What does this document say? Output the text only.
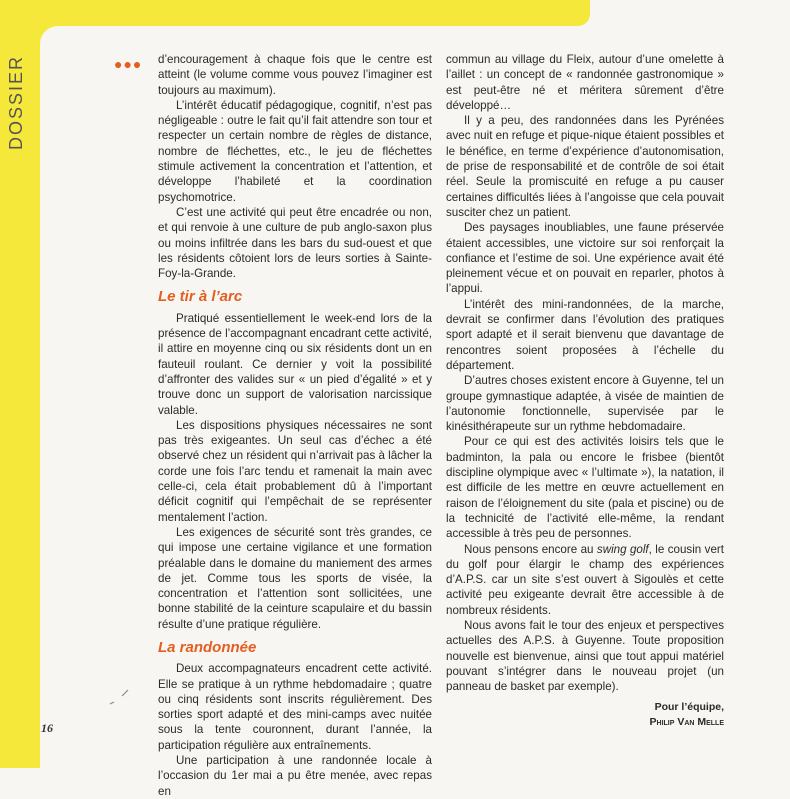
DOSSIER
16
●●● d’encouragement à chaque fois que le centre est atteint (le volume comme vous pouvez l’imaginer est toujours au maximum).

L’intérêt éducatif pédagogique, cognitif, n’est pas négligeable : outre le fait qu’il fait attendre son tour et respecter un certain nombre de règles de distance, nombre de fléchettes, etc., le jeu de fléchettes stimule activement la concentration et l’attention, et développe l’habileté et la coordination psychomotrice.

C’est une activité qui peut être encadrée ou non, et qui renvoie à une culture de pub anglo-saxon plus ou moins infiltrée dans les bars du sud-ouest et que les résidents côtoient lors de leurs sorties à Sainte-Foy-la-Grande.

Le tir à l’arc

Pratiqué essentiellement le week-end lors de la présence de l’accompagnant encadrant cette activité, il attire en moyenne cinq ou six résidents dont un en fauteuil roulant. Ce dernier y voit la possibilité d’affronter des valides sur « un pied d’égalité » et y trouve donc un support de valorisation narcissique valable.

Les dispositions physiques nécessaires ne sont pas très exigeantes. Un seul cas d’échec a été observé chez un résident qui n’arrivait pas à lâcher la corde une fois l’arc tendu et ramenait la main avec celle-ci, cela était probablement dû à l’important déficit cognitif qui l’empêchait de se représenter mentalement l’action.

Les exigences de sécurité sont très grandes, ce qui impose une certaine vigilance et une formation préalable dans le domaine du maniement des armes de jet. Comme tous les sports de visée, la concentration et l’attention sont sollicitées, une bonne stabilité de la ceinture scapulaire et du bassin résulte d’une pratique régulière.

La randonnée

Deux accompagnateurs encadrent cette activité. Elle se pratique à un rythme hebdomadaire ; quatre ou cinq résidents sont inscrits régulièrement. Des sorties sport adapté et des mini-camps avec nuitée sous la tente couronnent, durant l’année, la participation régulière aux entraînements.

Une participation à une randonnée locale à l’occasion du 1er mai a pu être menée, avec repas en

commun au village du Fleix, autour d’une omelette à l’aillet : un concept de « randonnée gastronomique » est peut-être né et méritera sûrement d’être développé…

Il y a peu, des randonnées dans les Pyrénées avec nuit en refuge et pique-nique étaient possibles et le bénéfice, en terme d’expérience d’autonomisation, de prise de responsabilité et de contrôle de soi était réel. Seule la promiscuité en refuge a pu causer certaines difficultés liées à l’angoisse que cela pouvait susciter chez un patient.

Des paysages inoubliables, une faune préservée étaient accessibles, une victoire sur soi renforçait la confiance et l’estime de soi. Une expérience avait été pleinement vécue et on pouvait en reparler, photos à l’appui.

L’intérêt des mini-randonnées, de la marche, devrait se confirmer dans l’évolution des pratiques sport adapté et il serait bienvenu que davantage de rencontres soient proposées à l’échelle du département.

D’autres choses existent encore à Guyenne, tel un groupe gymnastique adaptée, à visée de maintien de l’autonomie fonctionnelle, supervisée par le kinésithérapeute sur un rythme hebdomadaire.

Pour ce qui est des activités loisirs tels que le badminton, la pala ou encore le frisbee (bientôt discipline olympique avec « l’ultimate »), la natation, il est difficile de les mettre en œuvre actuellement en raison de l’éloignement du site (pala et piscine) ou de la technicité de l’activité elle-même, la rendant accessible à très peu de personnes.

Nous pensons encore au swing golf, le cousin vert du golf pour élargir le champ des expériences d’A.P.S. car un site s’est ouvert à Sigoulès et cette activité peu exigeante devrait être accessible à de nombreux résidents.

Nous avons fait le tour des enjeux et perspectives actuelles des A.P.S. à Guyenne. Toute proposition nouvelle est bienvenue, ainsi que tout appui matériel pouvant s’intégrer dans le nouveau projet (un panneau de basket par exemple).

Pour l’équipe,
Philip Van Melle
